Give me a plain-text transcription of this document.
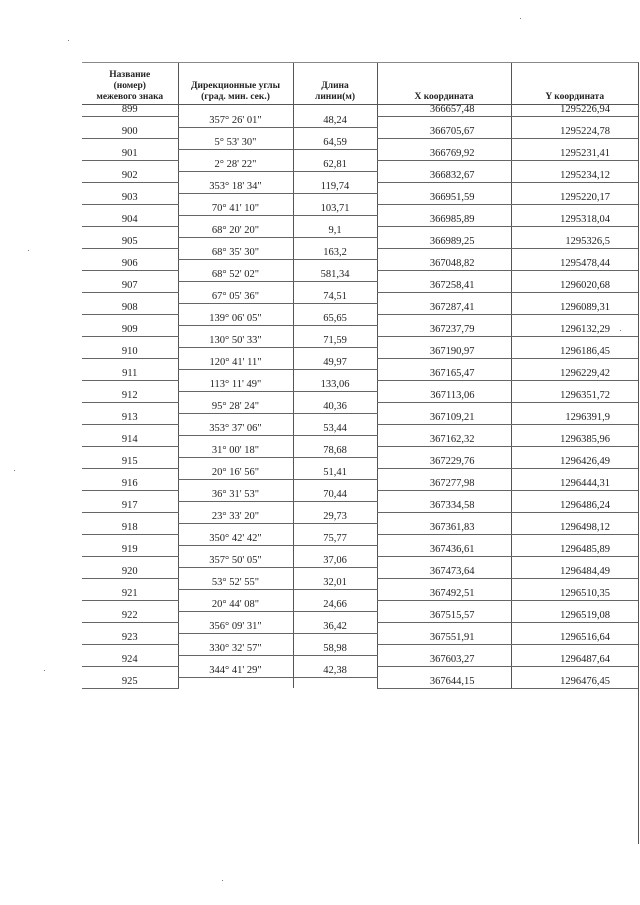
Название
(номер)
межевого знака	Дирекционные углы
(град. мин. сек.)	Длина
линии(м)	X координата	Y координата
899			366657,48	1295226,94
	357° 26' 01"	48,24		
900			366705,67	1295224,78
	5° 53' 30"	64,59		
901			366769,92	1295231,41
	2° 28' 22"	62,81		
902			366832,67	1295234,12
	353° 18' 34"	119,74		
903			366951,59	1295220,17
	70° 41' 10"	103,71		
904			366985,89	1295318,04
	68° 20' 20"	9,1		
905			366989,25	1295326,5
	68° 35' 30"	163,2		
906			367048,82	1295478,44
	68° 52' 02"	581,34		
907			367258,41	1296020,68
	67° 05' 36"	74,51		
908			367287,41	1296089,31
	139° 06' 05"	65,65		
909			367237,79	1296132,29
	130° 50' 33"	71,59		
910			367190,97	1296186,45
	120° 41' 11"	49,97		
911			367165,47	1296229,42
	113° 11' 49"	133,06		
912			367113,06	1296351,72
	95° 28' 24"	40,36		
913			367109,21	1296391,9
	353° 37' 06"	53,44		
914			367162,32	1296385,96
	31° 00' 18"	78,68		
915			367229,76	1296426,49
	20° 16' 56"	51,41		
916			367277,98	1296444,31
	36° 31' 53"	70,44		
917			367334,58	1296486,24
	23° 33' 20"	29,73		
918			367361,83	1296498,12
	350° 42' 42"	75,77		
919			367436,61	1296485,89
	357° 50' 05"	37,06		
920			367473,64	1296484,49
	53° 52' 55"	32,01		
921			367492,51	1296510,35
	20° 44' 08"	24,66		
922			367515,57	1296519,08
	356° 09' 31"	36,42		
923			367551,91	1296516,64
	330° 32' 57"	58,98		
924			367603,27	1296487,64
	344° 41' 29"	42,38		
925			367644,15	1296476,45
